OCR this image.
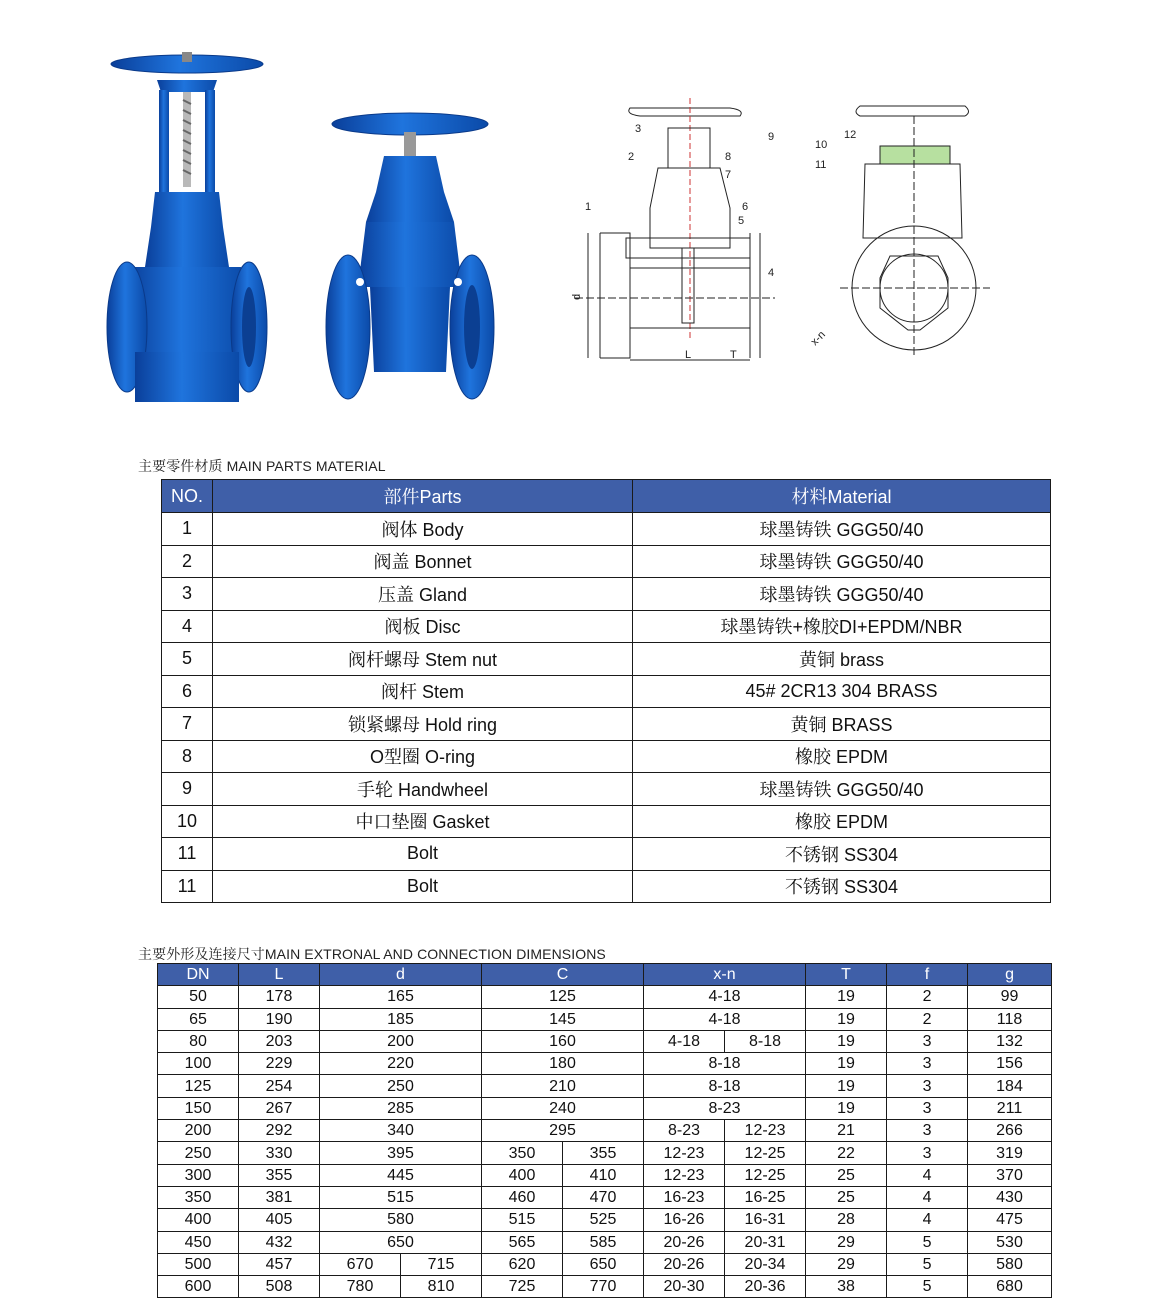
L	T
d
1
2
3
4
5
6
7
8
9
10
11
12
x-n
主要零件材质 MAIN PARTS MATERIAL
NO.	部件Parts	材料Material
1	阀体 Body	球墨铸铁 GGG50/40
2	阀盖 Bonnet	球墨铸铁 GGG50/40
3	压盖 Gland	球墨铸铁 GGG50/40
4	阀板 Disc	球墨铸铁+橡胶DI+EPDM/NBR
5	阀杆螺母 Stem nut	黄铜 brass
6	阀杆 Stem	45# 2CR13 304 BRASS
7	锁紧螺母 Hold ring	黄铜 BRASS
8	O型圈 O-ring	橡胶 EPDM
9	手轮 Handwheel	球墨铸铁 GGG50/40
10	中口垫圈 Gasket	橡胶 EPDM
11	Bolt	不锈钢 SS304
11	Bolt	不锈钢 SS304
主要外形及连接尺寸MAIN EXTRONAL AND CONNECTION DIMENSIONS
DN	L	d		C		x-n		T	f	g
50	178	165		125		4-18		19	2	99
65	190	185		145		4-18		19	2	118
80	203	200		160		4-18	8-18	19	3	132
100	229	220		180		8-18		19	3	156
125	254	250		210		8-18		19	3	184
150	267	285		240		8-23		19	3	211
200	292	340		295		8-23	12-23	21	3	266
250	330	395		350	355	12-23	12-25	22	3	319
300	355	445		400	410	12-23	12-25	25	4	370
350	381	515		460	470	16-23	16-25	25	4	430
400	405	580		515	525	16-26	16-31	28	4	475
450	432	650		565	585	20-26	20-31	29	5	530
500	457	670	715	620	650	20-26	20-34	29	5	580
600	508	780	810	725	770	20-30	20-36	38	5	680
